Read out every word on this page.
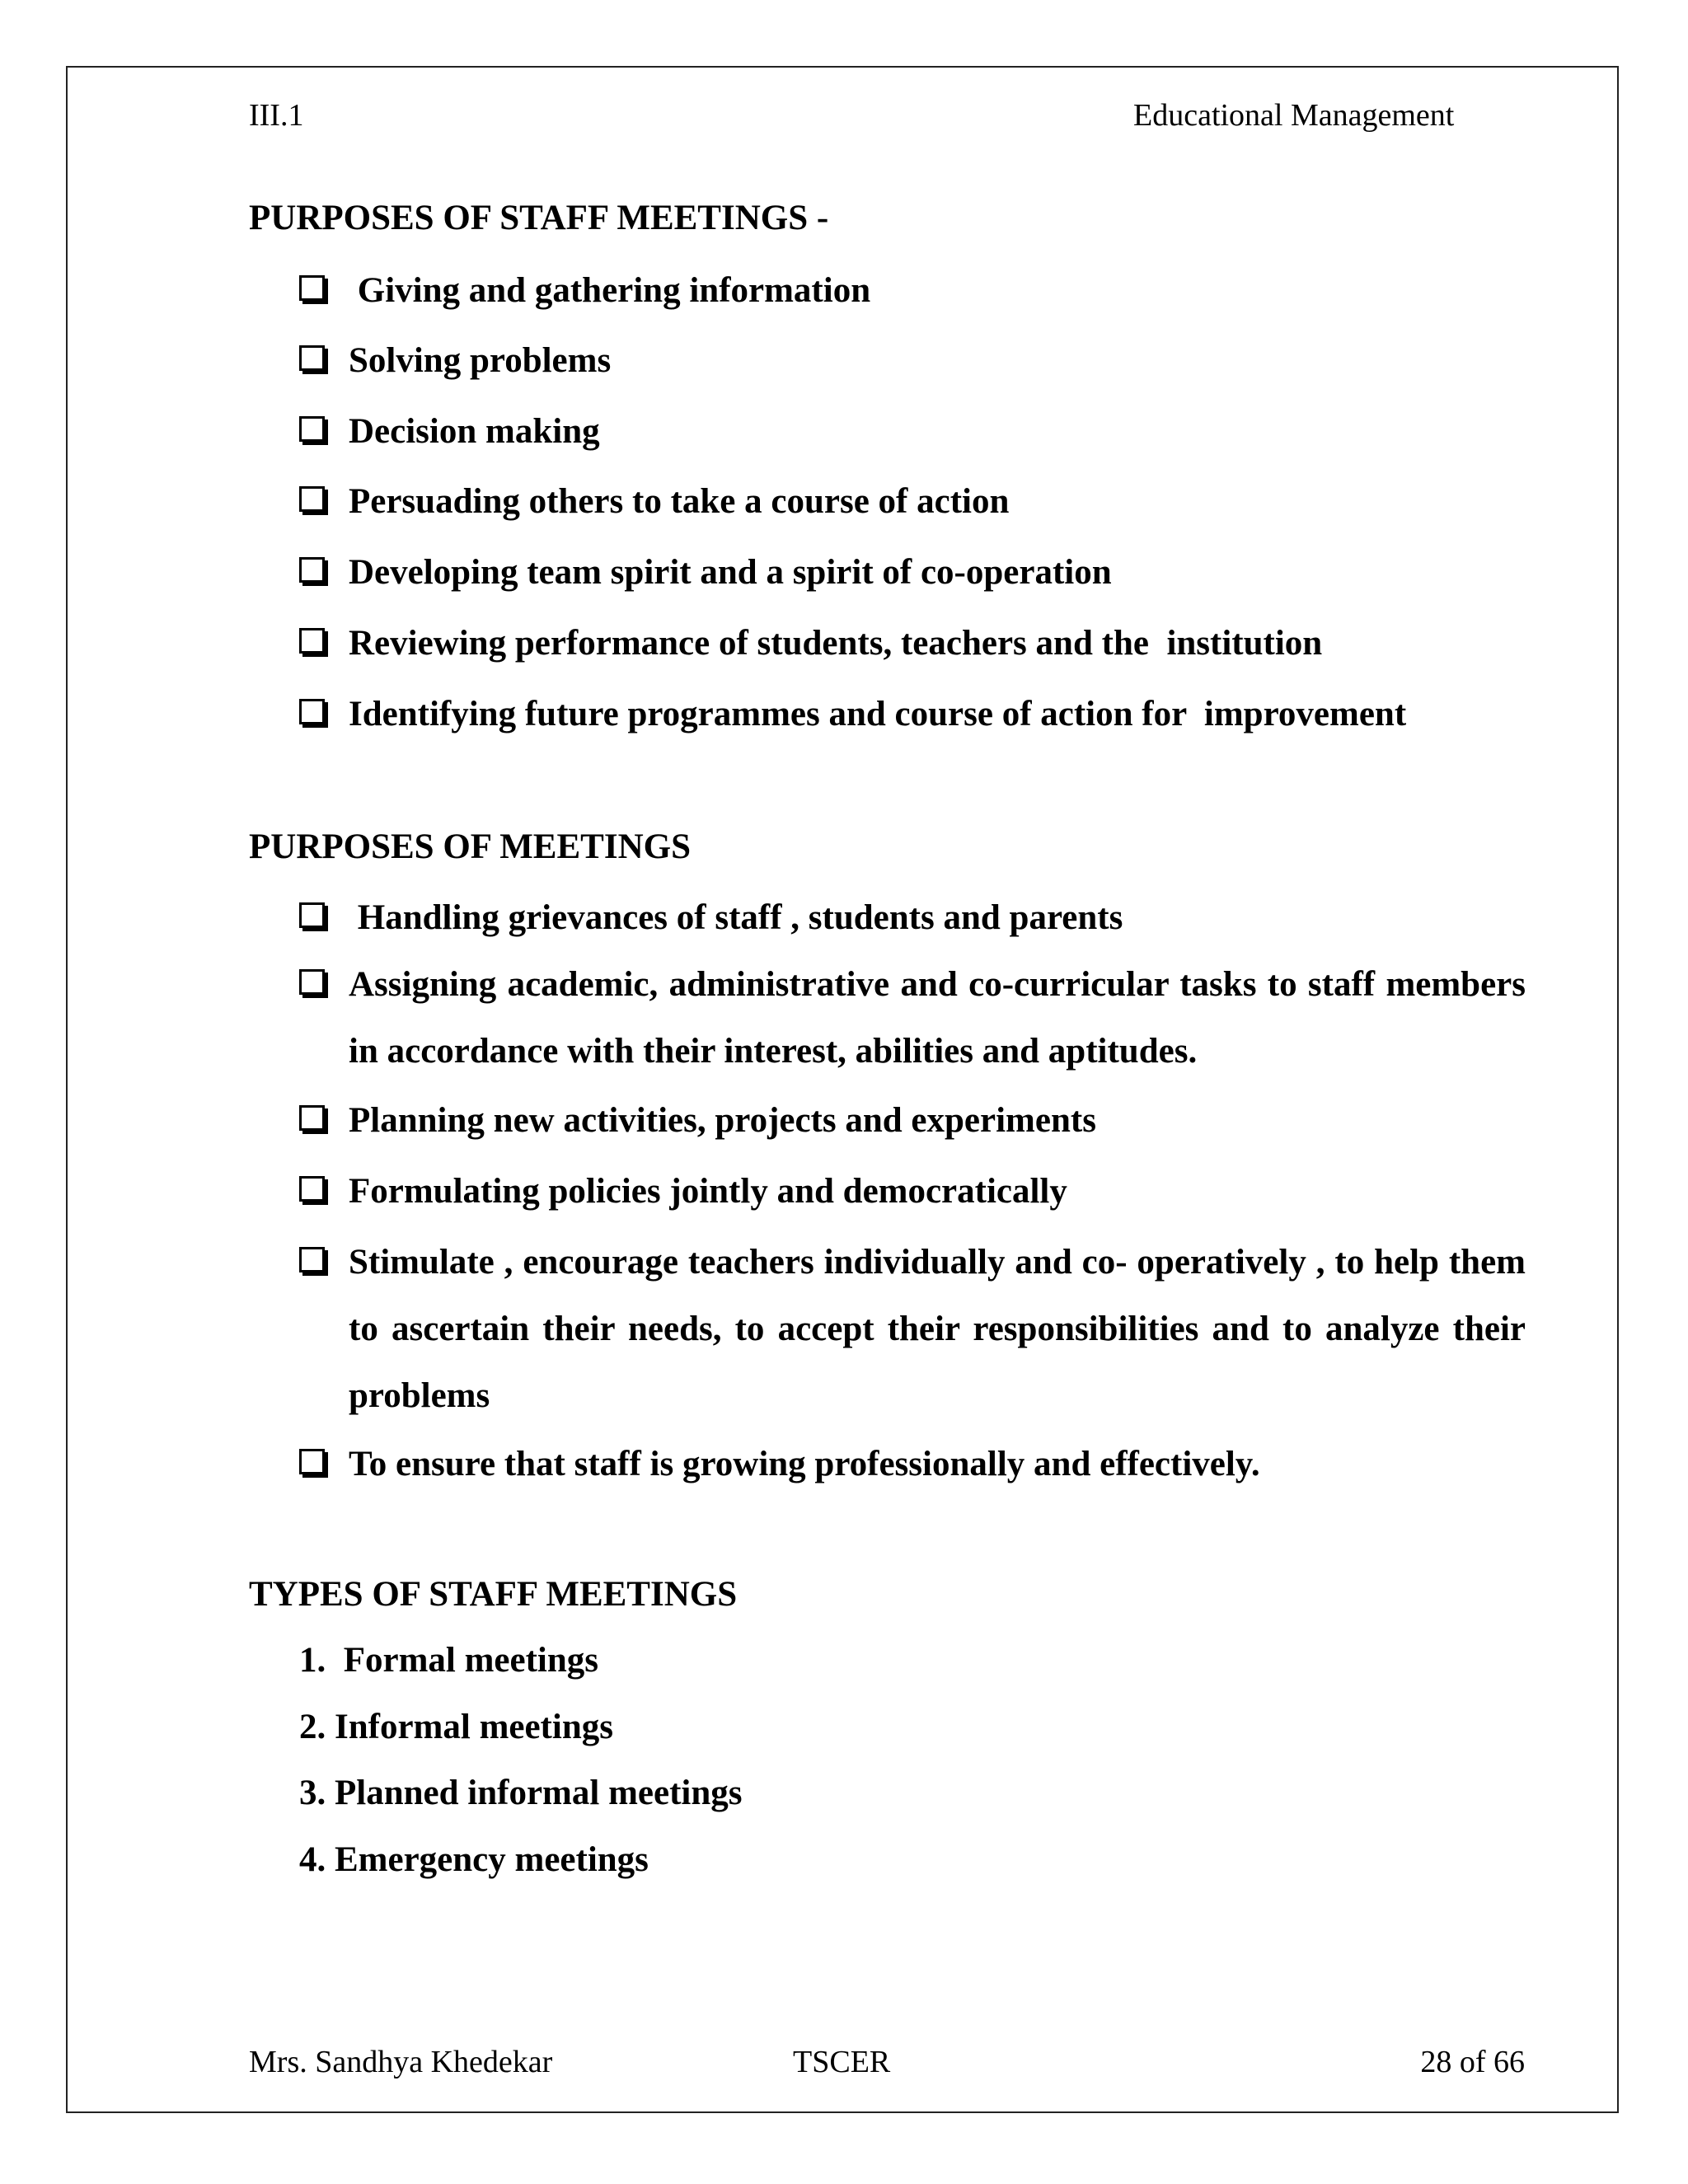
III.1	Educational Management
PURPOSES OF STAFF MEETINGS -
Giving and gathering information
Solving problems
Decision making
Persuading others to take a course of action
Developing team spirit and a spirit of co-operation
Reviewing performance of students, teachers and the  institution
Identifying future programmes and course of action for  improvement
PURPOSES OF MEETINGS
Handling grievances of staff , students and parents
Assigning academic, administrative and co-curricular tasks to staff members in accordance with their interest, abilities and aptitudes.
Planning new activities, projects and experiments
Formulating policies jointly and democratically
Stimulate , encourage teachers individually and co- operatively , to help them to ascertain their needs, to accept their responsibilities and to analyze their problems
To ensure that staff is growing professionally and effectively.
TYPES OF STAFF MEETINGS
1.  Formal meetings
2. Informal meetings
3. Planned informal meetings
4. Emergency meetings
Mrs. Sandhya Khedekar	TSCER	28 of 66
